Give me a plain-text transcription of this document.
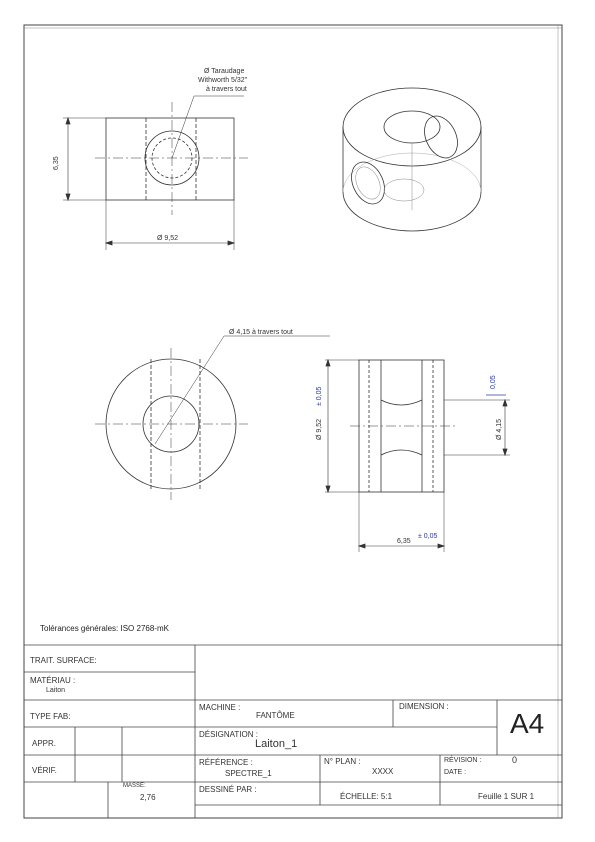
Ø Taraudage
Withworth 5/32"
à travers tout
6,35
Ø 9,52
Ø 4,15 à travers tout
Ø 9,52
± 0,05
Ø 4,15
0,05
6,35
± 0,05
Tolérances générales: ISO 2768-mK
TRAIT. SURFACE:
MATÉRIAU :
Laiton
TYPE FAB:
APPR.
VÉRIF.
MASSE:
2,76
MACHINE :
FANTÔME
DIMENSION :
A4
DÉSIGNATION :
Laiton_1
RÉFÉRENCE :
SPECTRE_1
N° PLAN :
XXXX
RÉVISION :	0
DATE :
DESSINÉ PAR :
ÉCHELLE: 5:1	Feuille 1 SUR 1
